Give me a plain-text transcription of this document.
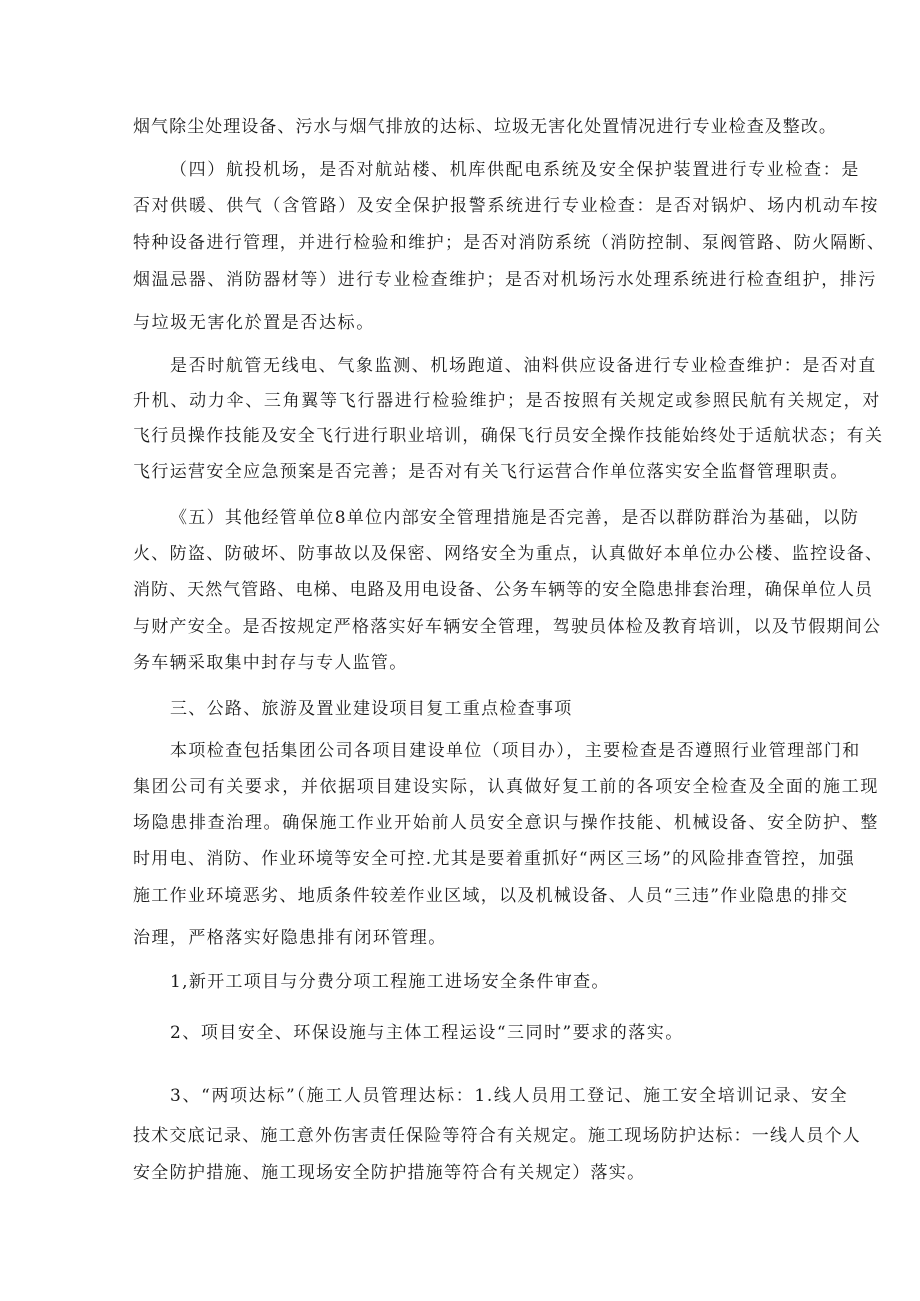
烟气除尘处理设备、污水与烟气排放的达标、垃圾无害化处置情况进行专业检查及整改。
（四）航投机场，是否对航站楼、机库供配电系统及安全保护装置进行专业检查：是
否对供暖、供气（含管路）及安全保护报警系统进行专业检查：是否对锅炉、场内机动车按
特种设备进行管理，并进行检验和维护；是否对消防系统（消防控制、泵阀管路、防火隔断、
烟温忌器、消防器材等）进行专业检查维护；是否对机场污水处理系统进行检查组护，排污
与垃圾无害化於置是否达标。
是否时航管无线电、气象监测、机场跑道、油料供应设备进行专业检查维护：是否对直
升机、动力伞、三角翼等飞行器进行检验维护；是否按照有关规定或参照民航有关规定，对
飞行员操作技能及安全飞行进行职业培训，确保飞行员安全操作技能始终处于适航状态；有关
飞行运营安全应急预案是否完善；是否对有关飞行运营合作单位落实安全监督管理职责。
《五）其他经管单位8单位内部安全管理措施是否完善，是否以群防群治为基础，以防
火、防盗、防破坏、防事故以及保密、网络安全为重点，认真做好本单位办公楼、监控设备、
消防、天然气管路、电梯、电路及用电设备、公务车辆等的安全隐患排套治理，确保单位人员
与财产安全。是否按规定严格落实好车辆安全管理，驾驶员体检及教育培训，以及节假期间公
务车辆采取集中封存与专人监管。
三、公路、旅游及置业建设项目复工重点检查事项
本项检查包括集团公司各项目建设单位（项目办），主要检查是否遵照行业管理部门和
集团公司有关要求，并依据项目建设实际，认真做好复工前的各项安全检查及全面的施工现
场隐患排查治理。确保施工作业开始前人员安全意识与操作技能、机械设备、安全防护、整
时用电、消防、作业环境等安全可控.尤其是要着重抓好“两区三场”的风险排查管控，加强
施工作业环境恶劣、地质条件较差作业区域，以及机械设备、人员“三违”作业隐患的排交
治理，严格落实好隐患排有闭环管理。
1,新开工项目与分费分项工程施工进场安全条件审查。
2、项目安全、环保设施与主体工程运设“三同时”要求的落实。
3、“两项达标”（施工人员管理达标：1.线人员用工登记、施工安全培训记录、安全
技术交底记录、施工意外伤害责任保险等符合有关规定。施工现场防护达标：一线人员个人
安全防护措施、施工现场安全防护措施等符合有关规定）落实。
